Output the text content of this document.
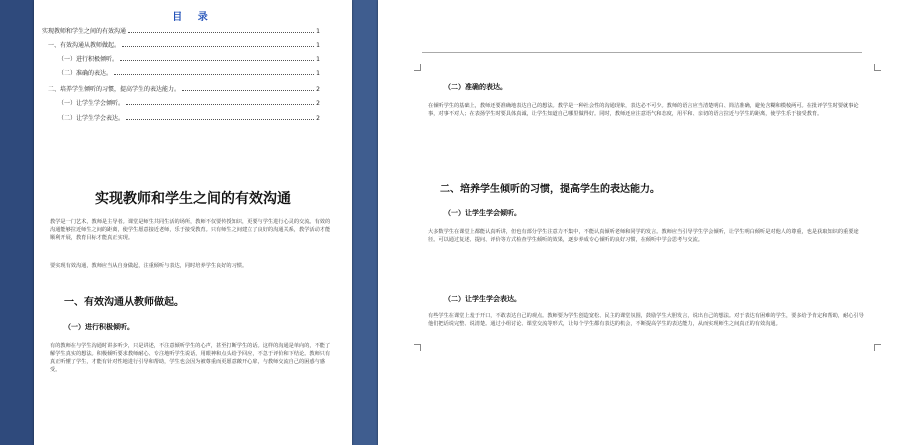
目 录
实现教师和学生之间的有效沟通	1
一、有效沟通从教师做起。	1
（一）进行积极倾听。	1
（二）准确的表达。	1
二、培养学生倾听的习惯，提高学生的表达能力。	2
（一）让学生学会倾听。	2
（二）让学生学会表达。	2
实现教师和学生之间的有效沟通
教学是一门艺术，教师是主导者。课堂是师生共同生活的场所，教师不仅要传授知识，更要与学生进行心灵的交流。有效的沟通能够拉近师生之间的距离，使学生愿意接近老师，乐于接受教育。只有师生之间建立了良好的沟通关系，教学活动才能顺利开展，教育目标才能真正实现。
要实现有效沟通，教师应当从自身做起，注重倾听与表达，同时培养学生良好的习惯。
一、有效沟通从教师做起。
（一）进行积极倾听。
有的教师在与学生沟通时讲多听少，只是讲述，不注意倾听学生的心声，甚至打断学生的话。这样的沟通是单向的，不能了解学生真实的想法。积极倾听要求教师耐心、专注地听学生说话，用眼神和点头给予回应，不急于评价和下结论。教师只有真正听懂了学生，才能有针对性地进行引导和帮助，学生也会因为被尊重而更愿意敞开心扉，与教师交流自己的困惑与感受。
（二）准确的表达。
在倾听学生的基础上，教师还要准确地表达自己的想法。教学是一种社会性的沟通现象，表达必不可少。教师的语言应当清楚明白、简洁准确，避免含糊和模棱两可。在批评学生时要就事论事，对事不对人；在表扬学生时要具体真诚，让学生知道自己哪里做得好。同时，教师还应注意语气和态度，用平和、亲切的语言拉近与学生的距离，使学生乐于接受教育。
二、培养学生倾听的习惯，提高学生的表达能力。
（一）让学生学会倾听。
大多数学生在课堂上都能认真听讲，但也有部分学生注意力不集中，不能认真倾听老师和同学的发言。教师应当引导学生学会倾听，让学生明白倾听是对他人的尊重，也是获取知识的重要途径。可以通过复述、提问、评价等方式检查学生倾听的效果，逐步养成专心倾听的良好习惯，在倾听中学会思考与交流。
（二）让学生学会表达。
有些学生在课堂上羞于开口，不敢表达自己的观点。教师要为学生创造宽松、民主的课堂氛围，鼓励学生大胆发言，说出自己的想法。对于表达有困难的学生，要多给予肯定和帮助，耐心引导他们把话说完整、说清楚。通过小组讨论、课堂交流等形式，让每个学生都有表达的机会，不断提高学生的表达能力，从而实现师生之间真正的有效沟通。
